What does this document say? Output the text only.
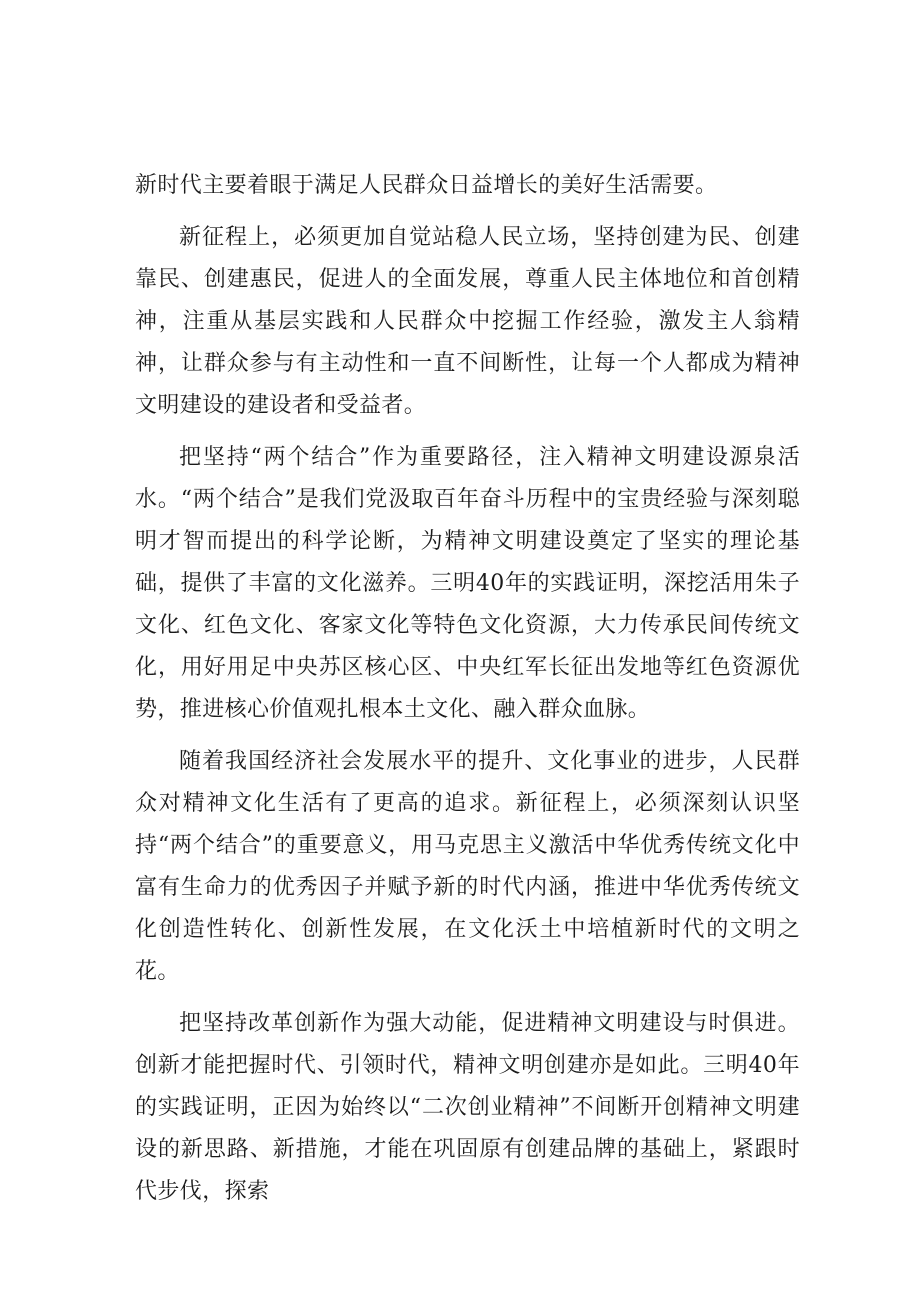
新时代主要着眼于满足人民群众日益增长的美好生活需要。

新征程上，必须更加自觉站稳人民立场，坚持创建为民、创建靠民、创建惠民，促进人的全面发展，尊重人民主体地位和首创精神，注重从基层实践和人民群众中挖掘工作经验，激发主人翁精神，让群众参与有主动性和一直不间断性，让每一个人都成为精神文明建设的建设者和受益者。

把坚持“两个结合”作为重要路径，注入精神文明建设源泉活水。“两个结合”是我们党汲取百年奋斗历程中的宝贵经验与深刻聪明才智而提出的科学论断，为精神文明建设奠定了坚实的理论基础，提供了丰富的文化滋养。三明40年的实践证明，深挖活用朱子文化、红色文化、客家文化等特色文化资源，大力传承民间传统文化，用好用足中央苏区核心区、中央红军长征出发地等红色资源优势，推进核心价值观扎根本土文化、融入群众血脉。

随着我国经济社会发展水平的提升、文化事业的进步，人民群众对精神文化生活有了更高的追求。新征程上，必须深刻认识坚持“两个结合”的重要意义，用马克思主义激活中华优秀传统文化中富有生命力的优秀因子并赋予新的时代内涵，推进中华优秀传统文化创造性转化、创新性发展，在文化沃土中培植新时代的文明之花。

把坚持改革创新作为强大动能，促进精神文明建设与时俱进。创新才能把握时代、引领时代，精神文明创建亦是如此。三明40年的实践证明，正因为始终以“二次创业精神”不间断开创精神文明建设的新思路、新措施，才能在巩固原有创建品牌的基础上，紧跟时代步伐，探索
